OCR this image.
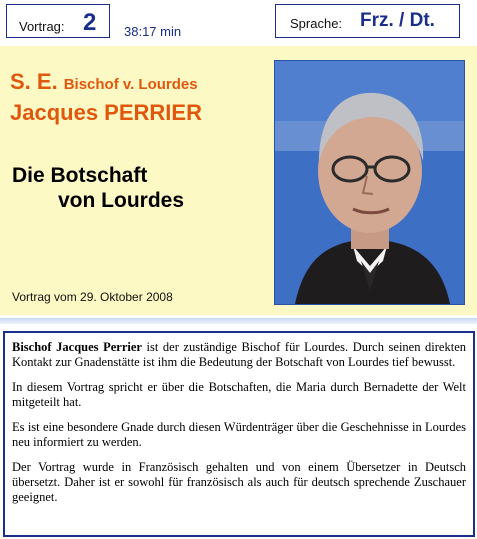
Vortrag: 2 38:17 min
Sprache: Frz. / Dt.
S. E. Bischof v. Lourdes
Jacques PERRIER
Die Botschaft
von Lourdes
Vortrag vom 29. Oktober 2008

Bischof Jacques Perrier ist der zuständige Bischof für Lourdes. Durch seinen direkten Kontakt zur Gnadenstätte ist ihm die Bedeutung der Botschaft von Lourdes tief bewusst.

In diesem Vortrag spricht er über die Botschaften, die Maria durch Bernadette der Welt mitgeteilt hat.

Es ist eine besondere Gnade durch diesen Würdenträger über die Geschehnisse in Lourdes neu informiert zu werden.

Der Vortrag wurde in Französisch gehalten und von einem Übersetzer in Deutsch übersetzt. Daher ist er sowohl für französisch als auch für deutsch sprechende Zuschauer geeignet.
